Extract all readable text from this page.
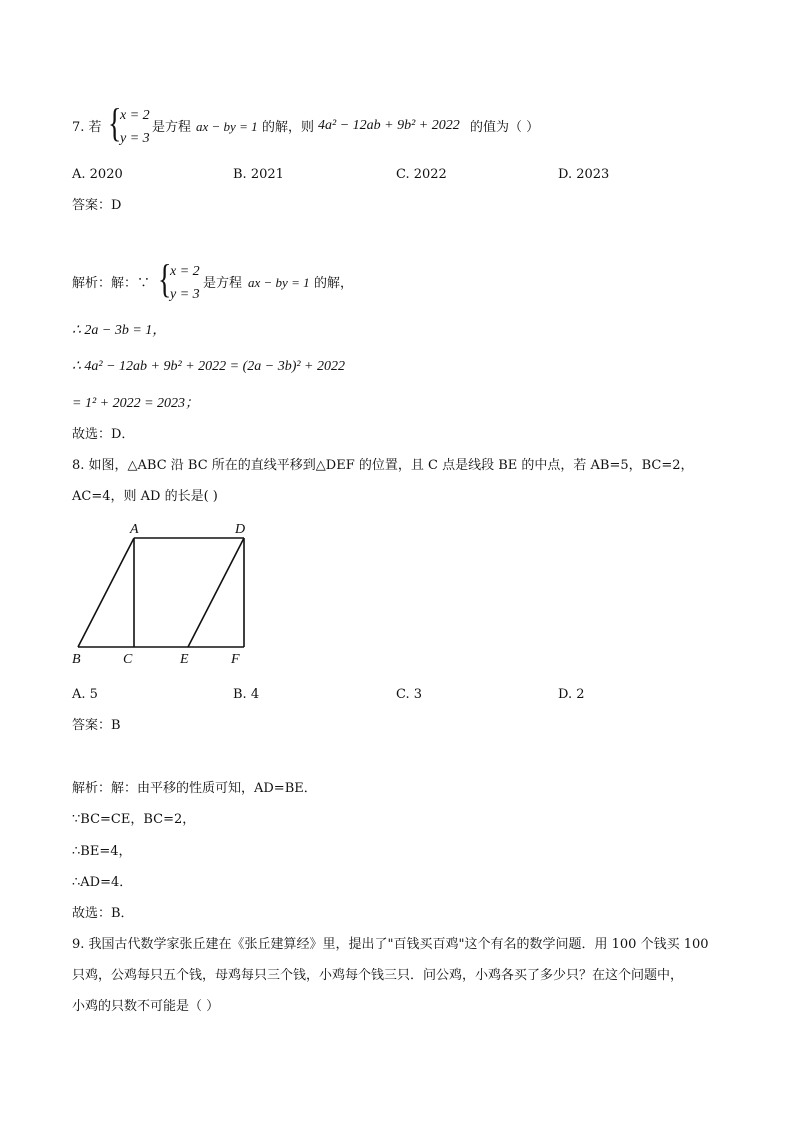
7. 若 {
x = 2
y = 3
是方程 ax − by = 1 的解，则 4a² − 12ab + 9b² + 2022 的值为（ ）
A. 2020	B. 2021	C. 2022	D. 2023
答案：D
解析：解：∵ {
x = 2
y = 3
是方程 ax − by = 1 的解，
∴ 2a − 3b = 1，
∴ 4a² − 12ab + 9b² + 2022 = (2a − 3b)² + 2022
= 1² + 2022 = 2023；
故选：D．
8. 如图，△ABC 沿 BC 所在的直线平移到△DEF 的位置，且 C 点是线段 BE 的中点，若 AB=5，BC=2，
AC=4，则 AD 的长是( )
A	D
B	C	E	F
A. 5	B. 4	C. 3	D. 2
答案：B
解析：解：由平移的性质可知，AD=BE．
∵BC=CE，BC=2，
∴BE=4，
∴AD=4．
故选：B．
9. 我国古代数学家张丘建在《张丘建算经》里，提出了"百钱买百鸡"这个有名的数学问题．用 100 个钱买 100
只鸡，公鸡每只五个钱，母鸡每只三个钱，小鸡每个钱三只．问公鸡，小鸡各买了多少只？在这个问题中，
小鸡的只数不可能是（ ）
